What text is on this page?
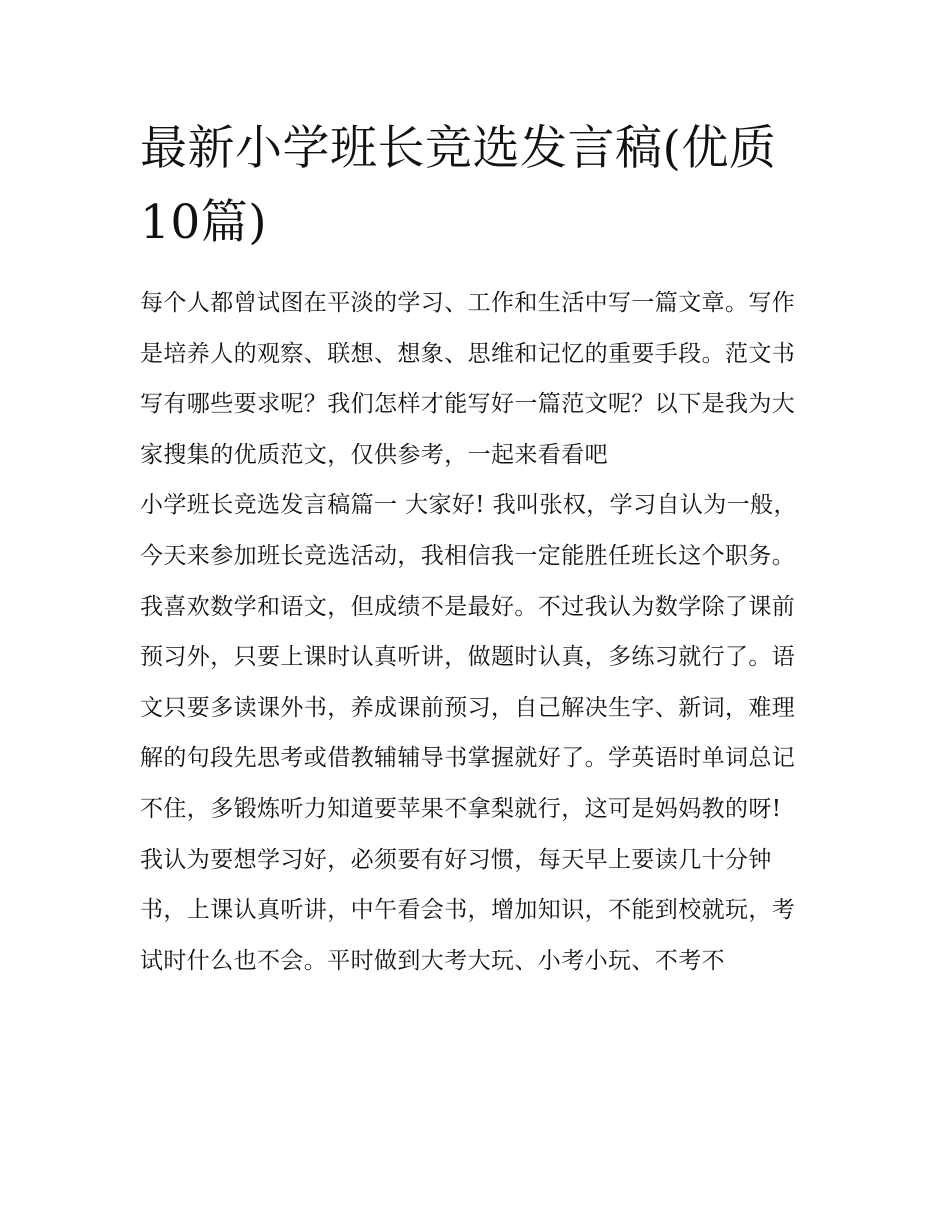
最新小学班长竞选发言稿(优质10篇)

每个人都曾试图在平淡的学习、工作和生活中写一篇文章。写作是培养人的观察、联想、想象、思维和记忆的重要手段。范文书写有哪些要求呢？我们怎样才能写好一篇范文呢？以下是我为大家搜集的优质范文，仅供参考，一起来看看吧

小学班长竞选发言稿篇一 大家好! 我叫张权，学习自认为一般，今天来参加班长竞选活动，我相信我一定能胜任班长这个职务。

我喜欢数学和语文，但成绩不是最好。不过我认为数学除了课前预习外，只要上课时认真听讲，做题时认真，多练习就行了。语文只要多读课外书，养成课前预习，自己解决生字、新词，难理解的句段先思考或借教辅辅导书掌握就好了。学英语时单词总记不住，多锻炼听力知道要苹果不拿梨就行，这可是妈妈教的呀!

我认为要想学习好，必须要有好习惯，每天早上要读几十分钟书，上课认真听讲，中午看会书，增加知识，不能到校就玩，考试时什么也不会。平时做到大考大玩、小考小玩、不考不
